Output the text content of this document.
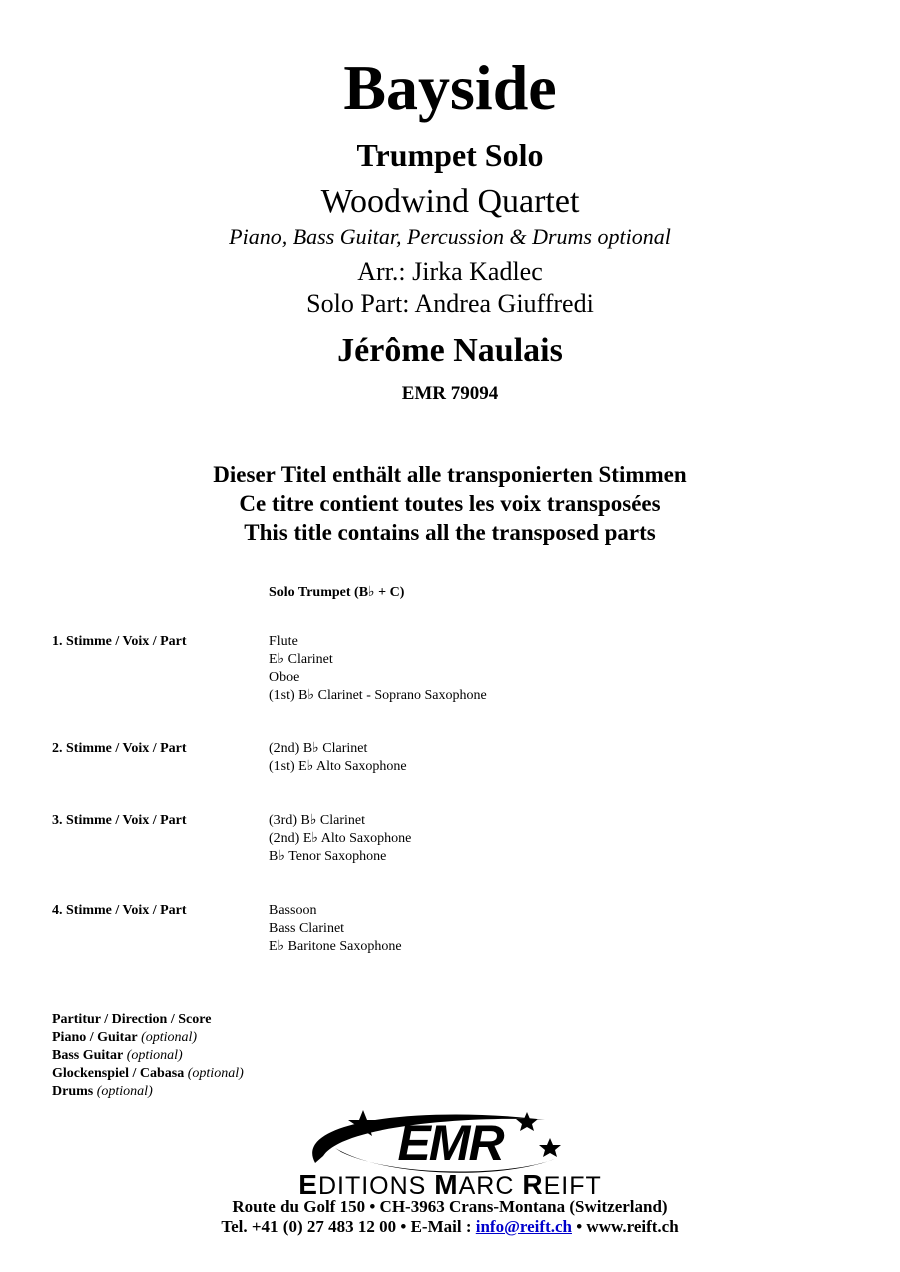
Bayside
Trumpet Solo
Woodwind Quartet
Piano, Bass Guitar, Percussion & Drums optional
Arr.: Jirka Kadlec
Solo Part: Andrea Giuffredi
Jérôme Naulais
EMR 79094
Dieser Titel enthält alle transponierten Stimmen
Ce titre contient toutes les voix transposées
This title contains all the transposed parts
Solo Trumpet (B♭ + C)
1. Stimme / Voix / Part	Flute
E♭ Clarinet
Oboe
(1st) B♭ Clarinet - Soprano Saxophone
2. Stimme / Voix / Part	(2nd) B♭ Clarinet
(1st) E♭ Alto Saxophone
3. Stimme / Voix / Part	(3rd) B♭ Clarinet
(2nd) E♭ Alto Saxophone
B♭ Tenor Saxophone
4. Stimme / Voix / Part	Bassoon
Bass Clarinet
E♭ Baritone Saxophone
Partitur / Direction / Score
Piano / Guitar (optional)
Bass Guitar (optional)
Glockenspiel / Cabasa (optional)
Drums (optional)
EMR
EDITIONS MARC REIFT
Route du Golf 150 • CH-3963 Crans-Montana (Switzerland)
Tel. +41 (0) 27 483 12 00 • E-Mail : info@reift.ch • www.reift.ch
